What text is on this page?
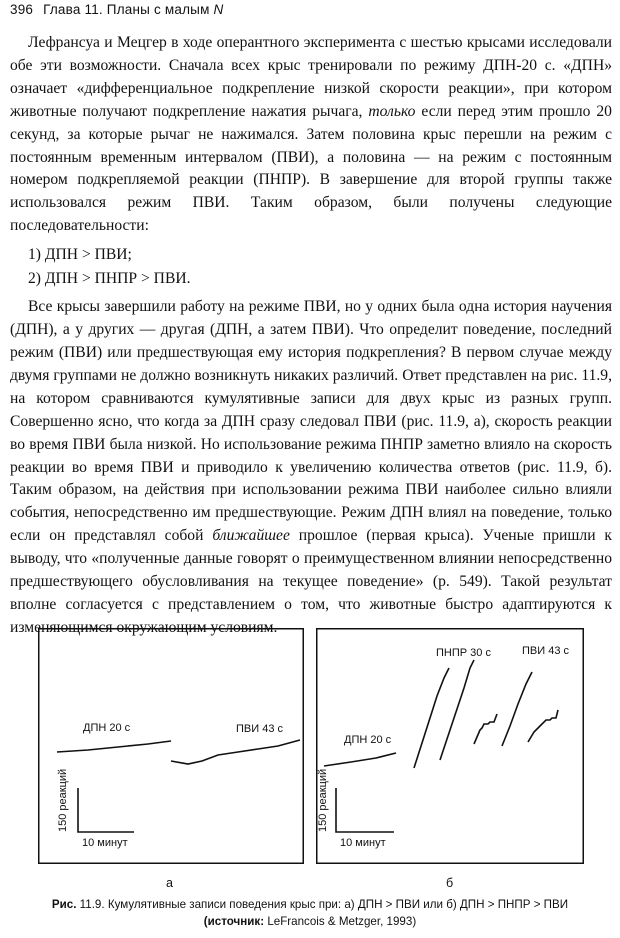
396 Глава 11. Планы с малым N

Лефрансуа и Мецгер в ходе оперантного эксперимента с шестью крысами исследовали обе эти возможности. Сначала всех крыс тренировали по режиму ДПН-20 с. «ДПН» означает «дифференциальное подкрепление низкой скорости реакции», при котором животные получают подкрепление нажатия рычага, только если перед этим прошло 20 секунд, за которые рычаг не нажимался. Затем половина крыс перешли на режим с постоянным временным интервалом (ПВИ), а половина — на режим с постоянным номером подкрепляемой реакции (ПНПР). В завершение для второй группы также использовался режим ПВИ. Таким образом, были получены следующие последовательности:

1) ДПН > ПВИ;
2) ДПН > ПНПР > ПВИ.

Все крысы завершили работу на режиме ПВИ, но у одних была одна история научения (ДПН), а у других — другая (ДПН, а затем ПВИ). Что определит поведение, последний режим (ПВИ) или предшествующая ему история подкрепления? В первом случае между двумя группами не должно возникнуть никаких различий. Ответ представлен на рис. 11.9, на котором сравниваются кумулятивные записи для двух крыс из разных групп. Совершенно ясно, что когда за ДПН сразу следовал ПВИ (рис. 11.9, а), скорость реакции во время ПВИ была низкой. Но использование режима ПНПР заметно влияло на скорость реакции во время ПВИ и приводило к увеличению количества ответов (рис. 11.9, б). Таким образом, на действия при использовании режима ПВИ наиболее сильно влияли события, непосредственно им предшествующие. Режим ДПН влиял на поведение, только если он представлял собой ближайшее прошлое (первая крыса). Ученые пришли к выводу, что «полученные данные говорят о преимущественном влиянии непосредственно предшествующего обусловливания на текущее поведение» (р. 549). Такой результат вполне согласуется с представлением о том, что животные быстро адаптируются к изменяющимся окружающим условиям.

ДПН 20 с	ПВИ 43 с
150 реакций
10 минут
ДПН 20 с
ПНПР 30 с	ПВИ 43 с
150 реакций
10 минут
а	б
Рис. 11.9. Кумулятивные записи поведения крыс при: а) ДПН > ПВИ или б) ДПН > ПНПР > ПВИ
(источник: LeFrancois & Metzger, 1993)
